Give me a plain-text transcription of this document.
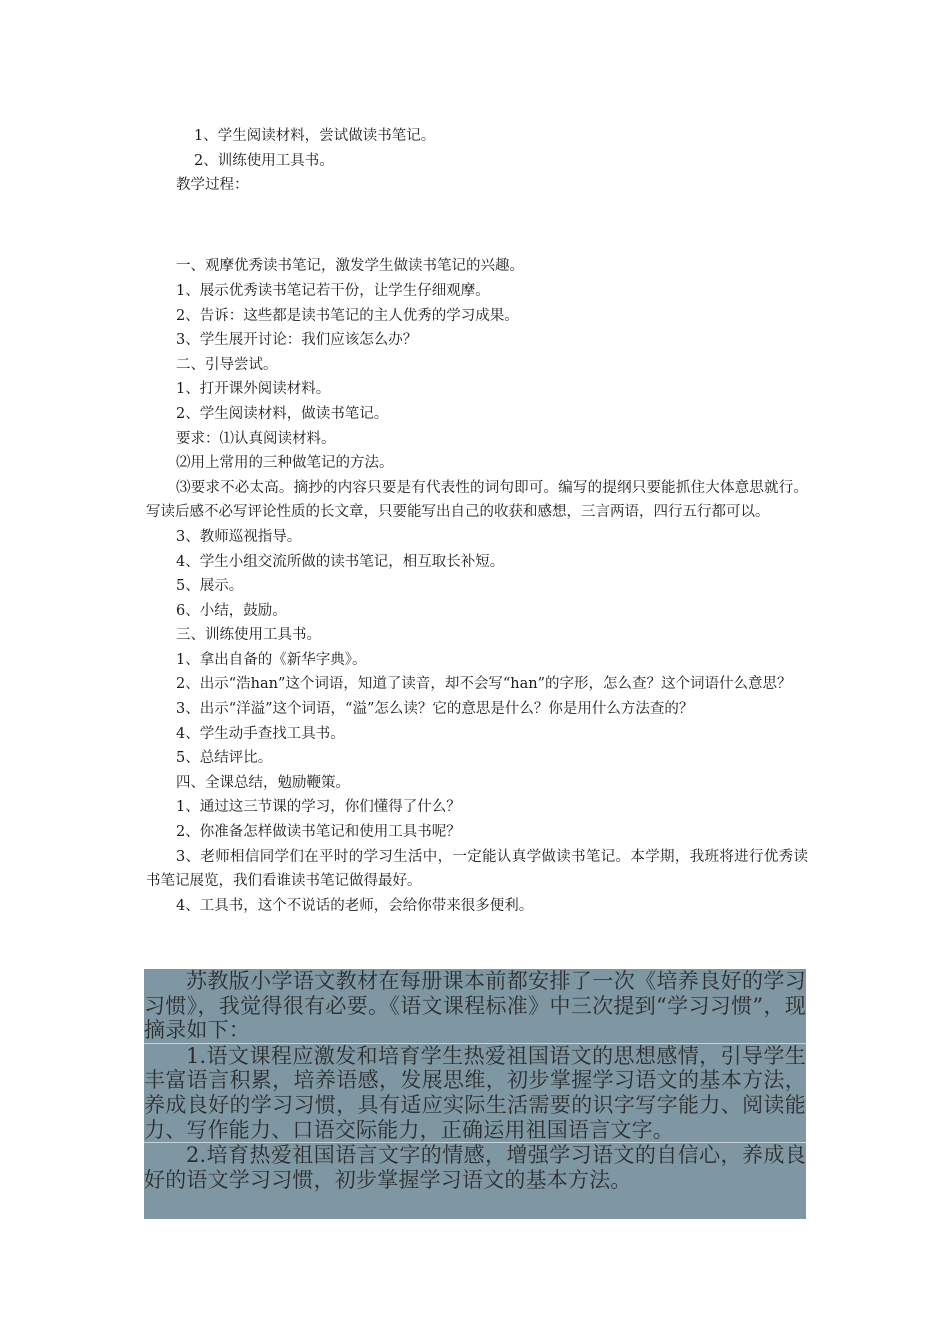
1、学生阅读材料，尝试做读书笔记。

2、训练使用工具书。

教学过程：

一、观摩优秀读书笔记，激发学生做读书笔记的兴趣。

1、展示优秀读书笔记若干份，让学生仔细观摩。

2、告诉：这些都是读书笔记的主人优秀的学习成果。

3、学生展开讨论：我们应该怎么办？

二、引导尝试。

1、打开课外阅读材料。

2、学生阅读材料，做读书笔记。

要求：⑴认真阅读材料。

⑵用上常用的三种做笔记的方法。

⑶要求不必太高。摘抄的内容只要是有代表性的词句即可。编写的提纲只要能抓住大体意思就行。写读后感不必写评论性质的长文章，只要能写出自己的收获和感想，三言两语，四行五行都可以。

3、教师巡视指导。

4、学生小组交流所做的读书笔记，相互取长补短。

5、展示。

6、小结，鼓励。

三、训练使用工具书。

1、拿出自备的《新华字典》。

2、出示“浩han”这个词语，知道了读音，却不会写“han”的字形，怎么查？这个词语什么意思？

3、出示“洋溢”这个词语，“溢”怎么读？它的意思是什么？你是用什么方法查的？

4、学生动手查找工具书。

5、总结评比。

四、全课总结，勉励鞭策。

1、通过这三节课的学习，你们懂得了什么？

2、你准备怎样做读书笔记和使用工具书呢？

3、老师相信同学们在平时的学习生活中，一定能认真学做读书笔记。本学期，我班将进行优秀读书笔记展览，我们看谁读书笔记做得最好。

4、工具书，这个不说话的老师，会给你带来很多便利。

苏教版小学语文教材在每册课本前都安排了一次《培养良好的学习习惯》，我觉得很有必要。《语文课程标准》中三次提到“学习习惯”，现摘录如下：

1.语文课程应激发和培育学生热爱祖国语文的思想感情，引导学生丰富语言积累，培养语感，发展思维，初步掌握学习语文的基本方法，养成良好的学习习惯，具有适应实际生活需要的识字写字能力、阅读能力、写作能力、口语交际能力，正确运用祖国语言文字。

2.培育热爱祖国语言文字的情感，增强学习语文的自信心，养成良好的语文学习习惯，初步掌握学习语文的基本方法。
